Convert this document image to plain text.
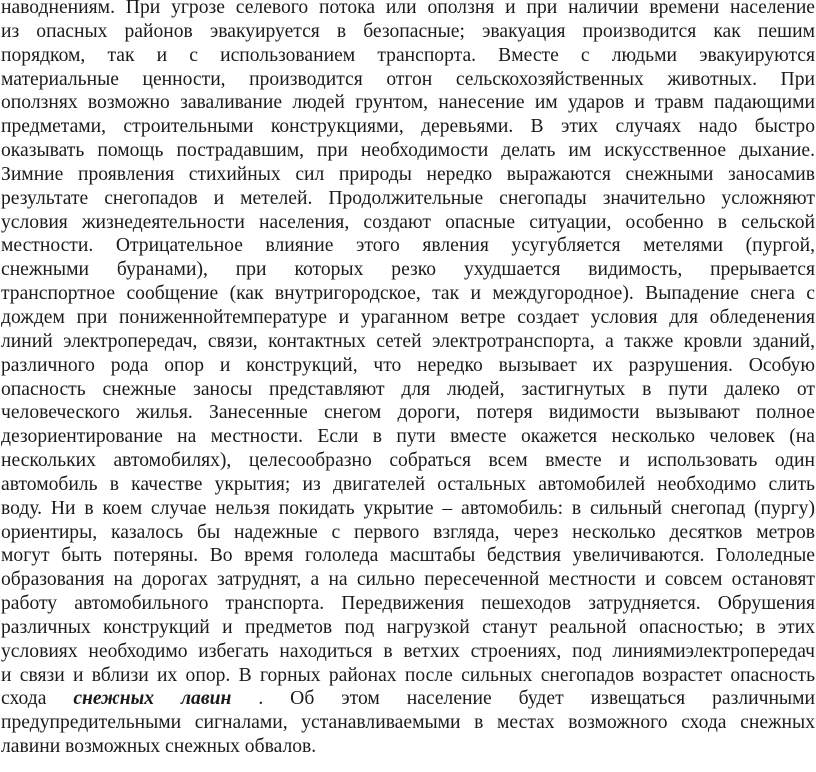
наводнениям. При угрозе селевого потока или оползня и при наличии времени население
из опасных районов эвакуируется в безопасные; эвакуация производится как пешим
порядком, так и с использованием транспорта. Вместе с людьми эвакуируются
материальные ценности, производится отгон сельскохозяйственных животных. При
оползнях возможно заваливание людей грунтом, нанесение им ударов и травм падающими
предметами, строительными конструкциями, деревьями. В этих случаях надо быстро
оказывать помощь пострадавшим, при необходимости делать им искусственное дыхание.
Зимние проявления стихийных сил природы нередко выражаются снежными заносамив
результате снегопадов и метелей. Продолжительные снегопады значительно усложняют
условия жизнедеятельности населения, создают опасные ситуации, особенно в сельской
местности. Отрицательное влияние этого явления усугубляется метелями (пургой,
снежными буранами), при которых резко ухудшается видимость, прерывается
транспортное сообщение (как внутригородское, так и междугородное). Выпадение снега с
дождем при пониженнойтемпературе и ураганном ветре создает условия для обледенения
линий электропередач, связи, контактных сетей электротранспорта, а также кровли зданий,
различного рода опор и конструкций, что нередко вызывает их разрушения. Особую
опасность снежные заносы представляют для людей, застигнутых в пути далеко от
человеческого жилья. Занесенные снегом дороги, потеря видимости вызывают полное
дезориентирование на местности. Если в пути вместе окажется несколько человек (на
нескольких автомобилях), целесообразно собраться всем вместе и использовать один
автомобиль в качестве укрытия; из двигателей остальных автомобилей необходимо слить
воду. Ни в коем случае нельзя покидать укрытие – автомобиль: в сильный снегопад (пургу)
ориентиры, казалось бы надежные с первого взгляда, через несколько десятков метров
могут быть потеряны. Во время гололеда масштабы бедствия увеличиваются. Гололедные
образования на дорогах затруднят, а на сильно пересеченной местности и совсем остановят
работу автомобильного транспорта. Передвижения пешеходов затрудняется. Обрушения
различных конструкций и предметов под нагрузкой станут реальной опасностью; в этих
условиях необходимо избегать находиться в ветхих строениях, под линиямиэлектропередач
и связи и вблизи их опор. В горных районах после сильных снегопадов возрастет опасность
схода снежных лавин . Об этом население будет извещаться различными
предупредительными сигналами, устанавливаемыми в местах возможного схода снежных
лавини возможных снежных обвалов.
